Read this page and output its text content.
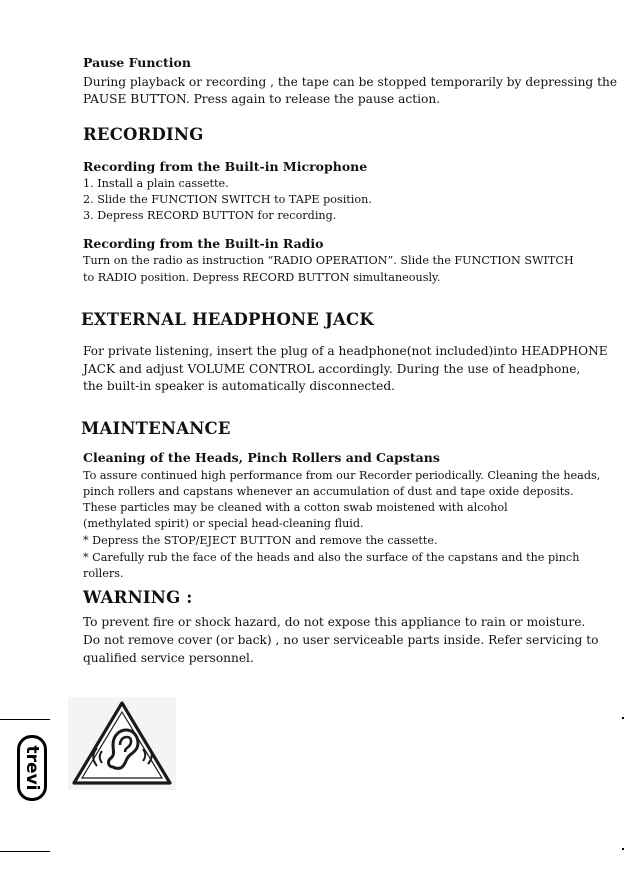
Pause Function
During playback or recording , the tape can be stopped temporarily by depressing the
PAUSE BUTTON. Press again to release the pause action.
RECORDING
Recording from the Built-in Microphone
1. Install a plain cassette.
2. Slide the FUNCTION SWITCH to TAPE position.
3. Depress RECORD BUTTON for recording.
Recording from the Built-in Radio
Turn on the radio as instruction “RADIO OPERATION”. Slide the FUNCTION SWITCH
to RADIO position. Depress RECORD BUTTON simultaneously.
EXTERNAL HEADPHONE JACK
For private listening, insert the plug of a headphone(not included)into HEADPHONE
JACK and adjust VOLUME CONTROL accordingly. During the use of headphone,
the built-in speaker is automatically disconnected.
MAINTENANCE
Cleaning of the Heads, Pinch Rollers and Capstans
To assure continued high performance from our Recorder periodically. Cleaning the heads,
pinch rollers and capstans whenever an accumulation of dust and tape oxide deposits.
These particles may be cleaned with a cotton swab moistened with alcohol
(methylated spirit) or special head-cleaning fluid.
* Depress the STOP/EJECT BUTTON and remove the cassette.
* Carefully rub the face of the heads and also the surface of the capstans and the pinch
rollers.
WARNING :
To prevent fire or shock hazard, do not expose this appliance to rain or moisture.
Do not remove cover (or back) , no user serviceable parts inside. Refer servicing to
qualified service personnel.
trevi
